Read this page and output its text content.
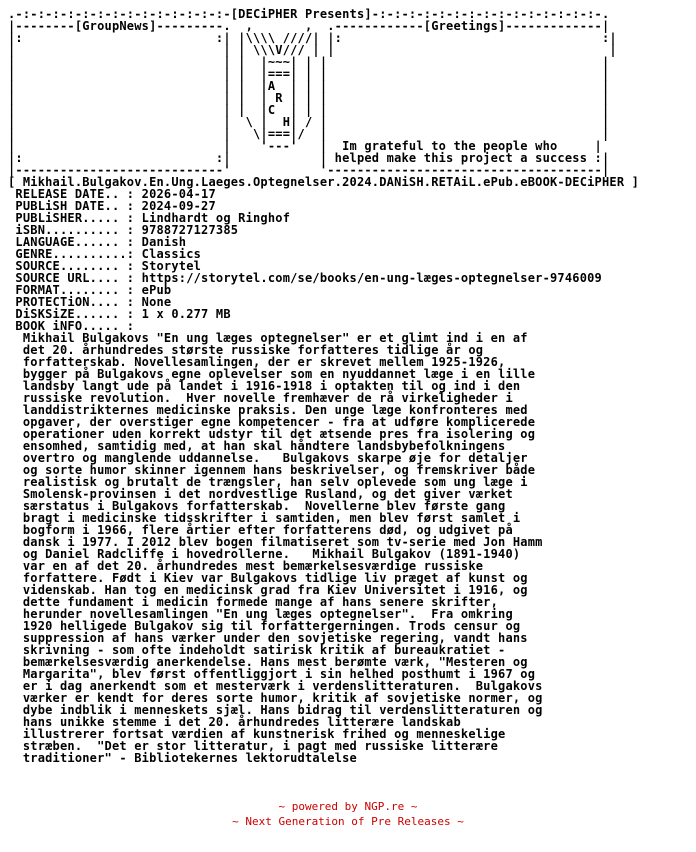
.-:-:-:-:-:-:-:-:-:-:-:-:-:-:-[DECiPHER Presents]-:-:-:-:-:-:-:-:-:-:-:-:-:-:-:-.
|--------[GroupNews]---------.  ,       ,  .------------[Greetings]-------------|
|:                          :| |\\\\ ////| |:                                   :|
|                            | | \\\V/// | |                                     |
|                            | |  |~~~| | |                                     |
|                            | |  |===| | |                                     |
|                            | |  |A  | | |                                     |
|                            | |  | R | | |                                     |
|                            | |  |C  | | |                                     |
|                            |  \ |  H| / |                                     |
|                            |   \|===|/  |                                     |
|                            |    '---'   |  Im grateful to the people who     |
|:                          :|            | helped make this project a success :|
|----------------------------'            '-------------------------------------|
[ Mikhail.Bulgakov.En.Ung.Laeges.Optegnelser.2024.DANiSH.RETAiL.ePub.eBOOK-DECiPHER ]
RELEASE DATE.. : 2026-04-17
PUBLiSH DATE.. : 2024-09-27
PUBLiSHER..... : Lindhardt og Ringhof
iSBN.......... : 9788727127385
LANGUAGE...... : Danish
GENRE..........: Classics
SOURCE........ : Storytel
SOURCE URL.... : https://storytel.com/se/books/en-ung-læges-optegnelser-9746009
FORMAT........ : ePub
PROTECTiON.... : None
DiSKSiZE...... : 1 x 0.277 MB
BOOK iNFO..... :
Mikhail Bulgakovs "En ung læges optegnelser" er et glimt ind i en af
det 20. århundredes største russiske forfatteres tidlige år og
forfatterskab. Novellesamlingen, der er skrevet mellem 1925-1926,
bygger på Bulgakovs egne oplevelser som en nyuddannet læge i en lille
landsby langt ude på landet i 1916-1918 i optakten til og ind i den
russiske revolution.  Hver novelle fremhæver de rå virkeligheder i
landdistrikternes medicinske praksis. Den unge læge konfronteres med
opgaver, der overstiger egne kompetencer - fra at udføre komplicerede
operationer uden korrekt udstyr til det ætsende pres fra isolering og
ensomhed, samtidig med, at han skal håndtere landsbybefolkningens
overtro og manglende uddannelse.   Bulgakovs skarpe øje for detaljer
og sorte humor skinner igennem hans beskrivelser, og fremskriver både
realistisk og brutalt de trængsler, han selv oplevede som ung læge i
Smolensk-provinsen i det nordvestlige Rusland, og det giver værket
særstatus i Bulgakovs forfatterskab.  Novellerne blev første gang
bragt i medicinske tidsskrifter i samtiden, men blev først samlet i
bogform i 1966, flere årtier efter forfatterens død, og udgivet på
dansk i 1977. I 2012 blev bogen filmatiseret som tv-serie med Jon Hamm
og Daniel Radcliffe i hovedrollerne.   Mikhail Bulgakov (1891-1940)
var en af det 20. århundredes mest bemærkelsesværdige russiske
forfattere. Født i Kiev var Bulgakovs tidlige liv præget af kunst og
videnskab. Han tog en medicinsk grad fra Kiev Universitet i 1916, og
dette fundament i medicin formede mange af hans senere skrifter,
herunder novellesamlingen "En ung læges optegnelser".  Fra omkring
1920 helligede Bulgakov sig til forfattergerningen. Trods censur og
suppression af hans værker under den sovjetiske regering, vandt hans
skrivning - som ofte indeholdt satirisk kritik af bureaukratiet -
bemærkelsesværdig anerkendelse. Hans mest berømte værk, "Mesteren og
Margarita", blev først offentliggjort i sin helhed posthumt i 1967 og
er i dag anerkendt som et mesterværk i verdenslitteraturen.  Bulgakovs
værker er kendt for deres sorte humor, kritik af sovjetiske normer, og
dybe indblik i menneskets sjæl. Hans bidrag til verdenslitteraturen og
hans unikke stemme i det 20. århundredes litterære landskab
illustrerer fortsat værdien af kunstnerisk frihed og menneskelige
stræben.  "Det er stor litteratur, i pagt med russiske litterære
traditioner" - Bibliotekernes lektorudtalelse
~ powered by NGP.re ~
~ Next Generation of Pre Releases ~
